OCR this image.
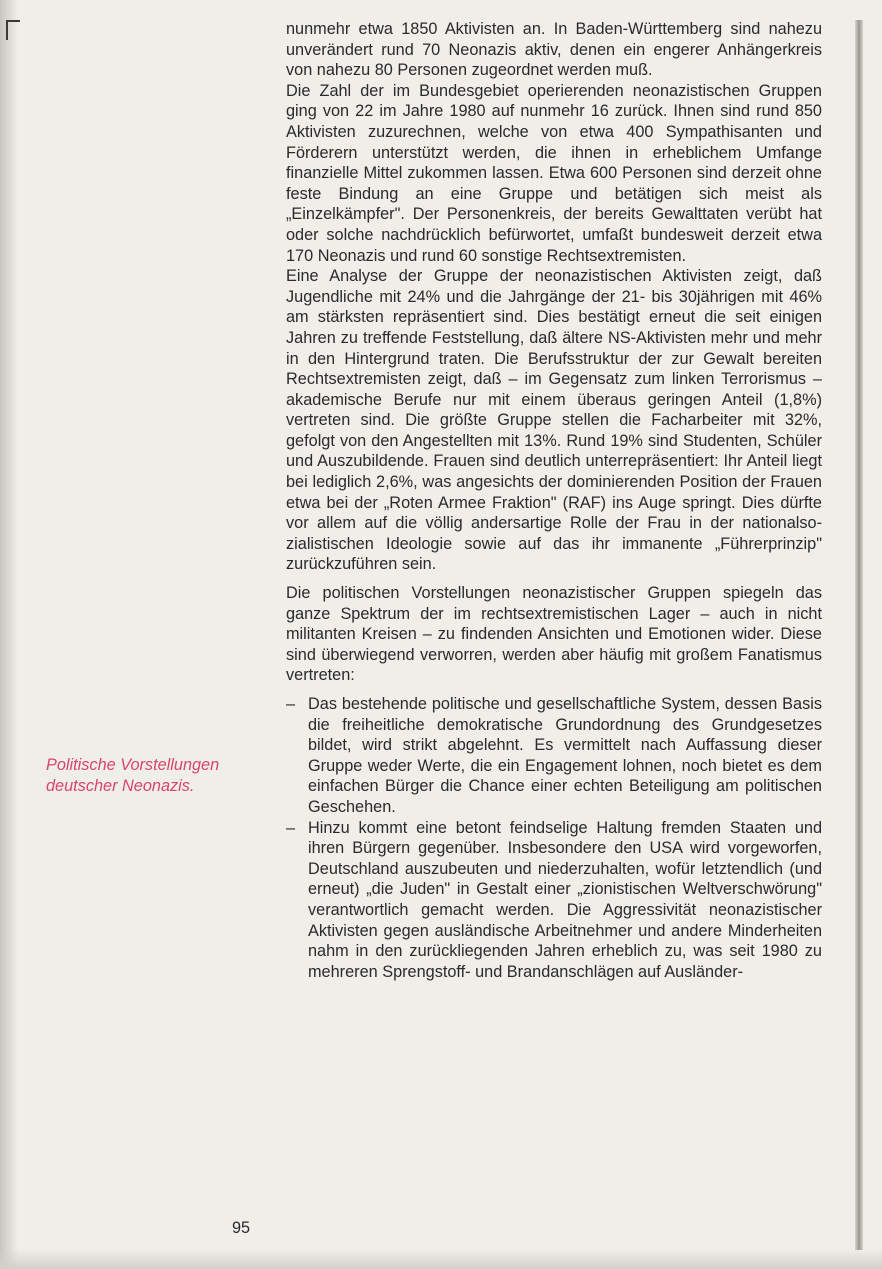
nunmehr etwa 1850 Aktivisten an. In Baden-Württemberg sind nahezu unverändert rund 70 Neonazis aktiv, denen ein engerer Anhängerkreis von nahezu 80 Personen zugeordnet werden muß.

Die Zahl der im Bundesgebiet operierenden neonazistischen Gruppen ging von 22 im Jahre 1980 auf nunmehr 16 zurück. Ihnen sind rund 850 Aktivisten zuzurechnen, welche von etwa 400 Sympathisanten und Förderern unterstützt werden, die ihnen in erheblichem Umfange finanzielle Mittel zukommen lassen. Etwa 600 Personen sind derzeit ohne feste Bindung an eine Gruppe und betätigen sich meist als „Einzelkämpfer". Der Personenkreis, der bereits Gewalttaten verübt hat oder solche nachdrücklich befürwortet, umfaßt bundesweit derzeit etwa 170 Neonazis und rund 60 sonstige Rechtsextremisten.

Eine Analyse der Gruppe der neonazistischen Aktivisten zeigt, daß Jugendliche mit 24% und die Jahrgänge der 21- bis 30jährigen mit 46% am stärksten repräsentiert sind. Dies bestätigt erneut die seit einigen Jahren zu treffende Feststellung, daß ältere NS-Aktivisten mehr und mehr in den Hintergrund traten. Die Berufsstruktur der zur Gewalt bereiten Rechtsextremisten zeigt, daß – im Gegensatz zum linken Terrorismus – akademische Berufe nur mit einem überaus geringen Anteil (1,8%) vertreten sind. Die größte Gruppe stellen die Facharbeiter mit 32%, gefolgt von den Angestellten mit 13%. Rund 19% sind Studenten, Schüler und Auszubildende. Frauen sind deutlich unterrepräsentiert: Ihr Anteil liegt bei lediglich 2,6%, was angesichts der dominierenden Position der Frauen etwa bei der „Roten Armee Fraktion" (RAF) ins Auge springt. Dies dürfte vor allem auf die völlig andersartige Rolle der Frau in der nationalsozialistischen Ideologie sowie auf das ihr immanente „Führerprinzip" zurückzuführen sein.

Die politischen Vorstellungen neonazistischer Gruppen spiegeln das ganze Spektrum der im rechtsextremistischen Lager – auch in nicht militanten Kreisen – zu findenden Ansichten und Emotionen wider. Diese sind überwiegend verworren, werden aber häufig mit großem Fanatismus vertreten:

– Das bestehende politische und gesellschaftliche System, dessen Basis die freiheitliche demokratische Grundordnung des Grundgesetzes bildet, wird strikt abgelehnt. Es vermittelt nach Auffassung dieser Gruppe weder Werte, die ein Engagement lohnen, noch bietet es dem einfachen Bürger die Chance einer echten Beteiligung am politischen Geschehen.
– Hinzu kommt eine betont feindselige Haltung fremden Staaten und ihren Bürgern gegenüber. Insbesondere den USA wird vorgeworfen, Deutschland auszubeuten und niederzuhalten, wofür letztendlich (und erneut) „die Juden" in Gestalt einer „zionistischen Weltverschwörung" verantwortlich gemacht werden. Die Aggressivität neonazistischer Aktivisten gegen ausländische Arbeitnehmer und andere Minderheiten nahm in den zurückliegenden Jahren erheblich zu, was seit 1980 zu mehreren Sprengstoff- und Brandanschlägen auf Ausländer-
Politische Vorstellungen deutscher Neonazis.
95
